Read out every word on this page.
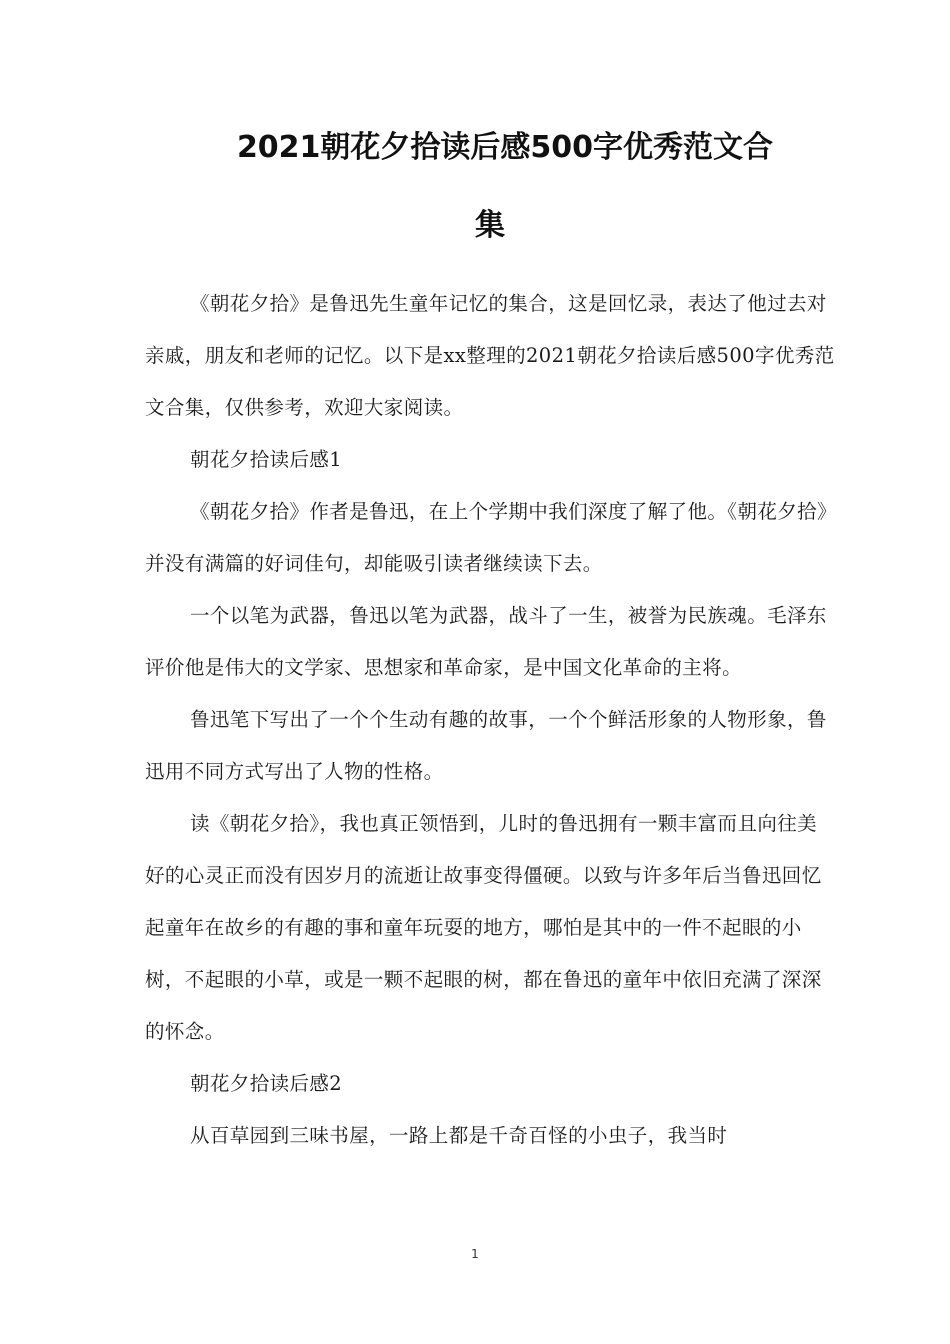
2021朝花夕拾读后感500字优秀范文合
集

《朝花夕拾》是鲁迅先生童年记忆的集合，这是回忆录，表达了他过去对亲戚，朋友和老师的记忆。以下是xx整理的2021朝花夕拾读后感500字优秀范文合集，仅供参考，欢迎大家阅读。

朝花夕拾读后感1

《朝花夕拾》作者是鲁迅，在上个学期中我们深度了解了他。《朝花夕拾》并没有满篇的好词佳句，却能吸引读者继续读下去。

一个以笔为武器，鲁迅以笔为武器，战斗了一生，被誉为民族魂。毛泽东评价他是伟大的文学家、思想家和革命家，是中国文化革命的主将。

鲁迅笔下写出了一个个生动有趣的故事，一个个鲜活形象的人物形象，鲁迅用不同方式写出了人物的性格。

读《朝花夕拾》，我也真正领悟到，儿时的鲁迅拥有一颗丰富而且向往美好的心灵正而没有因岁月的流逝让故事变得僵硬。以致与许多年后当鲁迅回忆起童年在故乡的有趣的事和童年玩耍的地方，哪怕是其中的一件不起眼的小树，不起眼的小草，或是一颗不起眼的树，都在鲁迅的童年中依旧充满了深深的怀念。

朝花夕拾读后感2

从百草园到三味书屋，一路上都是千奇百怪的小虫子，我当时

1
